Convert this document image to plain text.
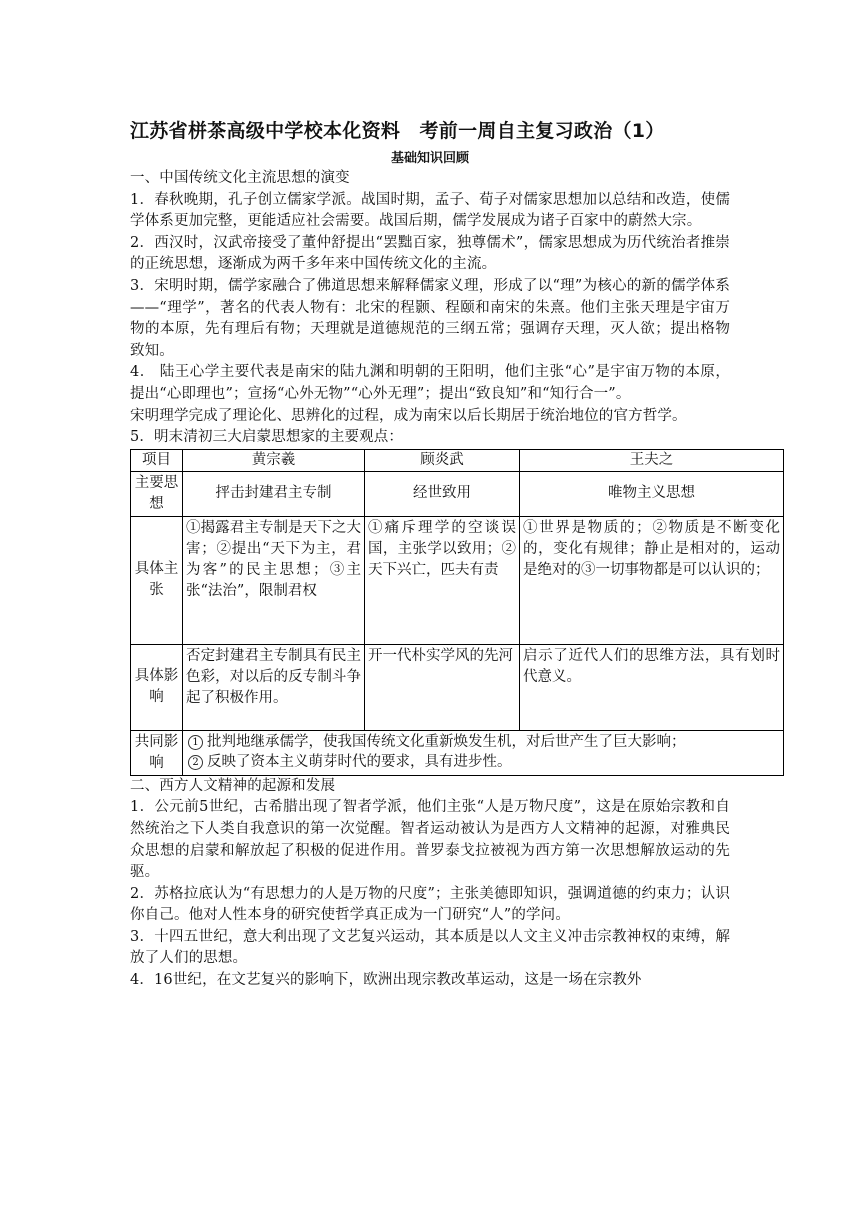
江苏省栟茶高级中学校本化资料　考前一周自主复习政治（1）
基础知识回顾
一、中国传统文化主流思想的演变
1．春秋晚期，孔子创立儒家学派。战国时期，孟子、荀子对儒家思想加以总结和改造，使儒学体系更加完整，更能适应社会需要。战国后期，儒学发展成为诸子百家中的蔚然大宗。
2．西汉时，汉武帝接受了董仲舒提出“罢黜百家，独尊儒术”，儒家思想成为历代统治者推崇的正统思想，逐渐成为两千多年来中国传统文化的主流。
3．宋明时期，儒学家融合了佛道思想来解释儒家义理，形成了以“理”为核心的新的儒学体系——“理学”，著名的代表人物有：北宋的程颢、程颐和南宋的朱熹。他们主张天理是宇宙万物的本原，先有理后有物；天理就是道德规范的三纲五常；强调存天理，灭人欲；提出格物致知。
4． 陆王心学主要代表是南宋的陆九渊和明朝的王阳明，他们主张“心”是宇宙万物的本原，提出“心即理也”；宣扬“心外无物”“心外无理”；提出“致良知”和“知行合一”。
宋明理学完成了理论化、思辨化的过程，成为南宋以后长期居于统治地位的官方哲学。
5．明末清初三大启蒙思想家的主要观点：
项目	黄宗羲	顾炎武	王夫之
主要思想	抨击封建君主专制	经世致用	唯物主义思想
具体主张	①揭露君主专制是天下之大害；②提出“天下为主，君为客”的民主思想；③主张“法治”，限制君权	①痛斥理学的空谈误国，主张学以致用；②天下兴亡，匹夫有责	①世界是物质的；②物质是不断变化的，变化有规律；静止是相对的，运动是绝对的③一切事物都是可以认识的；
具体影响	否定封建君主专制具有民主色彩，对以后的反专制斗争起了积极作用。	开一代朴实学风的先河	启示了近代人们的思维方法，具有划时代意义。
共同影响	1 批判地继承儒学，使我国传统文化重新焕发生机，对后世产生了巨大影响；
2 反映了资本主义萌芽时代的要求，具有进步性。		
二、西方人文精神的起源和发展
1．公元前5世纪，古希腊出现了智者学派，他们主张“人是万物尺度”，这是在原始宗教和自然统治之下人类自我意识的第一次觉醒。智者运动被认为是西方人文精神的起源，对雅典民众思想的启蒙和解放起了积极的促进作用。普罗泰戈拉被视为西方第一次思想解放运动的先驱。
2．苏格拉底认为“有思想力的人是万物的尺度”；主张美德即知识，强调道德的约束力；认识你自己。他对人性本身的研究使哲学真正成为一门研究“人”的学问。
3．十四五世纪，意大利出现了文艺复兴运动，其本质是以人文主义冲击宗教神权的束缚，解放了人们的思想。
4．16世纪，在文艺复兴的影响下，欧洲出现宗教改革运动，这是一场在宗教外
